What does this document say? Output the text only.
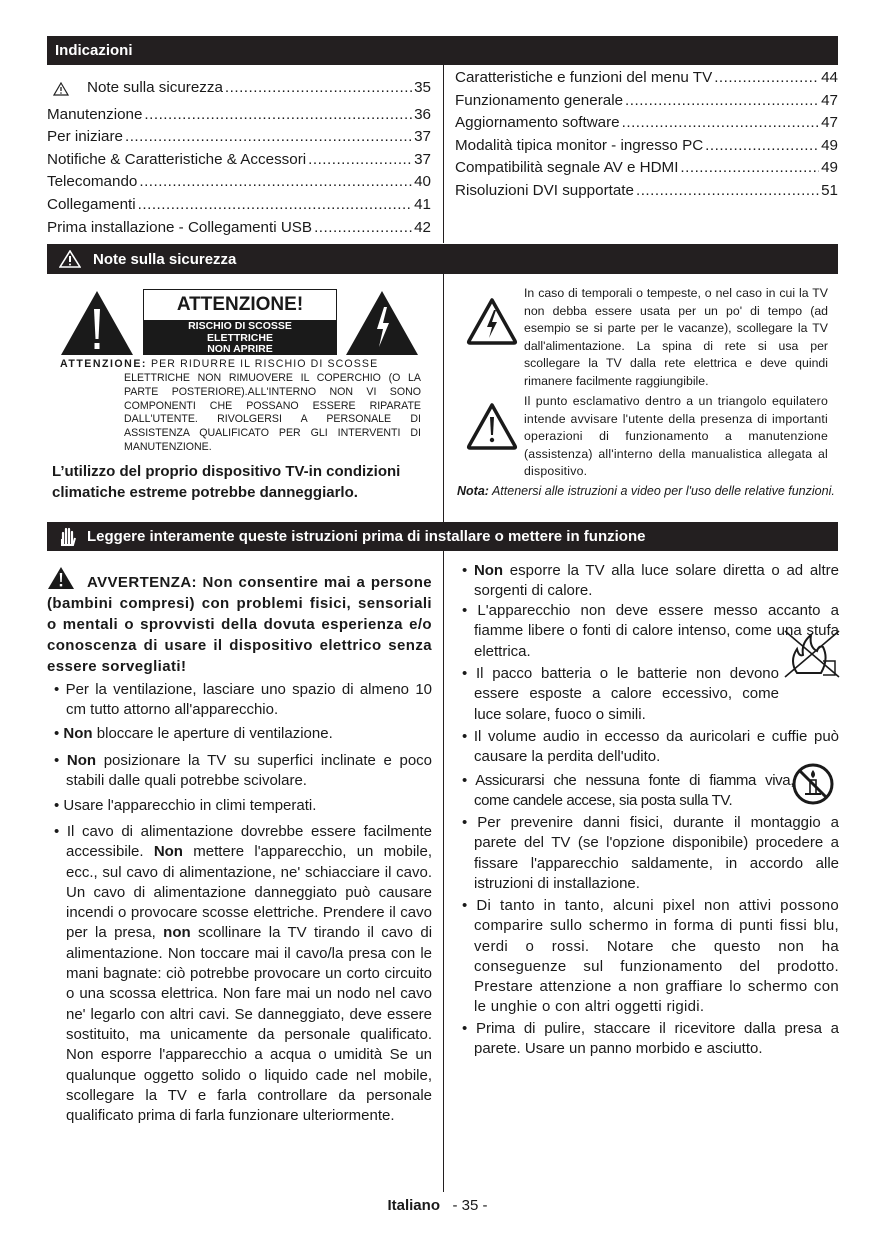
Indicazioni
Note sulla sicurezza .....	35
Manutenzione .....	36
Per iniziare .....	37
Notifiche & Caratteristiche & Accessori .....	37
Telecomando .....	40
Collegamenti .....	41
Prima installazione - Collegamenti USB .....	42
Caratteristiche e funzioni del menu TV .....	44
Funzionamento generale .....	47
Aggiornamento software .....	47
Modalità tipica monitor - ingresso PC .....	49
Compatibilità segnale AV e HDMI .....	49
Risoluzioni DVI supportate .....	51
Note sulla sicurezza
ATTENZIONE!
RISCHIO DI SCOSSE
ELETTRICHE
NON APRIRE
ATTENZIONE: PER RIDURRE IL RISCHIO DI SCOSSE
ELETTRICHE NON RIMUOVERE IL COPERCHIO (O LA PARTE POSTERIORE).ALL'INTERNO NON VI SONO COMPONENTI CHE POSSANO ESSERE RIPARATE DALL'UTENTE. RIVOLGERSI A PERSONALE DI ASSISTENZA QUALIFICATO PER GLI INTERVENTI DI MANUTENZIONE.
L’utilizzo del proprio dispositivo TV-in condizioni climatiche estreme potrebbe danneggiarlo.
In caso di temporali o tempeste, o nel caso in cui la TV non debba essere usata per un po' di tempo (ad esempio se si parte per le vacanze), scollegare la TV dall'alimentazione. La spina di rete si usa per scollegare la TV dalla rete elettrica e deve quindi rimanere facilmente raggiungibile.
Il punto esclamativo dentro a un triangolo equilatero intende avvisare l'utente della presenza di importanti operazioni di funzionamento a manutenzione (assistenza) all'interno della manualistica allegata al dispositivo.
Nota: Attenersi alle istruzioni a video per l'uso delle relative funzioni.
Leggere interamente queste istruzioni prima di installare o mettere in funzione
AVVERTENZA: Non consentire mai a persone (bambini compresi) con problemi fisici, sensoriali o mentali o sprovvisti della dovuta esperienza e/o conoscenza di usare il dispositivo elettrico senza essere sorvegliati!
• Per la ventilazione, lasciare uno spazio di almeno 10 cm tutto attorno all'apparecchio.
• Non bloccare le aperture di ventilazione.
• Non posizionare la TV su superfici inclinate e poco stabili dalle quali potrebbe scivolare.
• Usare l'apparecchio in climi temperati.
• Il cavo di alimentazione dovrebbe essere facilmente accessibile. Non mettere l'apparecchio, un mobile, ecc., sul cavo di alimentazione, ne' schiacciare il cavo. Un cavo di alimentazione danneggiato può causare incendi o provocare scosse elettriche. Prendere il cavo per la presa, non scollinare la TV tirando il cavo di alimentazione. Non toccare mai il cavo/la presa con le mani bagnate: ciò potrebbe provocare un corto circuito o una scossa elettrica. Non fare mai un nodo nel cavo ne' legarlo con altri cavi. Se danneggiato, deve essere sostituito, ma unicamente da personale qualificato. Non esporre l'apparecchio a acqua o umidità Se un qualunque oggetto solido o liquido cade nel mobile, scollegare la TV e farla controllare da personale qualificato prima di farla funzionare ulteriormente.
• Non esporre la TV alla luce solare diretta o ad altre sorgenti di calore.
• L'apparecchio non deve essere messo accanto a fiamme libere o fonti di calore intenso, come una stufa elettrica.
• Il pacco batteria o le batterie non devono essere esposte a calore eccessivo, come luce solare, fuoco o simili.
• Il volume audio in eccesso da auricolari e cuffie può causare la perdita dell'udito.
• Assicurarsi che nessuna fonte di fiamma viva, come candele accese, sia posta sulla TV.
• Per prevenire danni fisici, durante il montaggio a parete del TV (se l'opzione disponibile) procedere a fissare l'apparecchio saldamente, in accordo alle istruzioni di installazione.
• Di tanto in tanto, alcuni pixel non attivi possono comparire sullo schermo in forma di punti fissi blu, verdi o rossi. Notare che questo non ha conseguenze sul funzionamento del prodotto. Prestare attenzione a non graffiare lo schermo con le unghie o con altri oggetti rigidi.
• Prima di pulire, staccare il ricevitore dalla presa a parete. Usare un panno morbido e asciutto.
Italiano - 35 -
